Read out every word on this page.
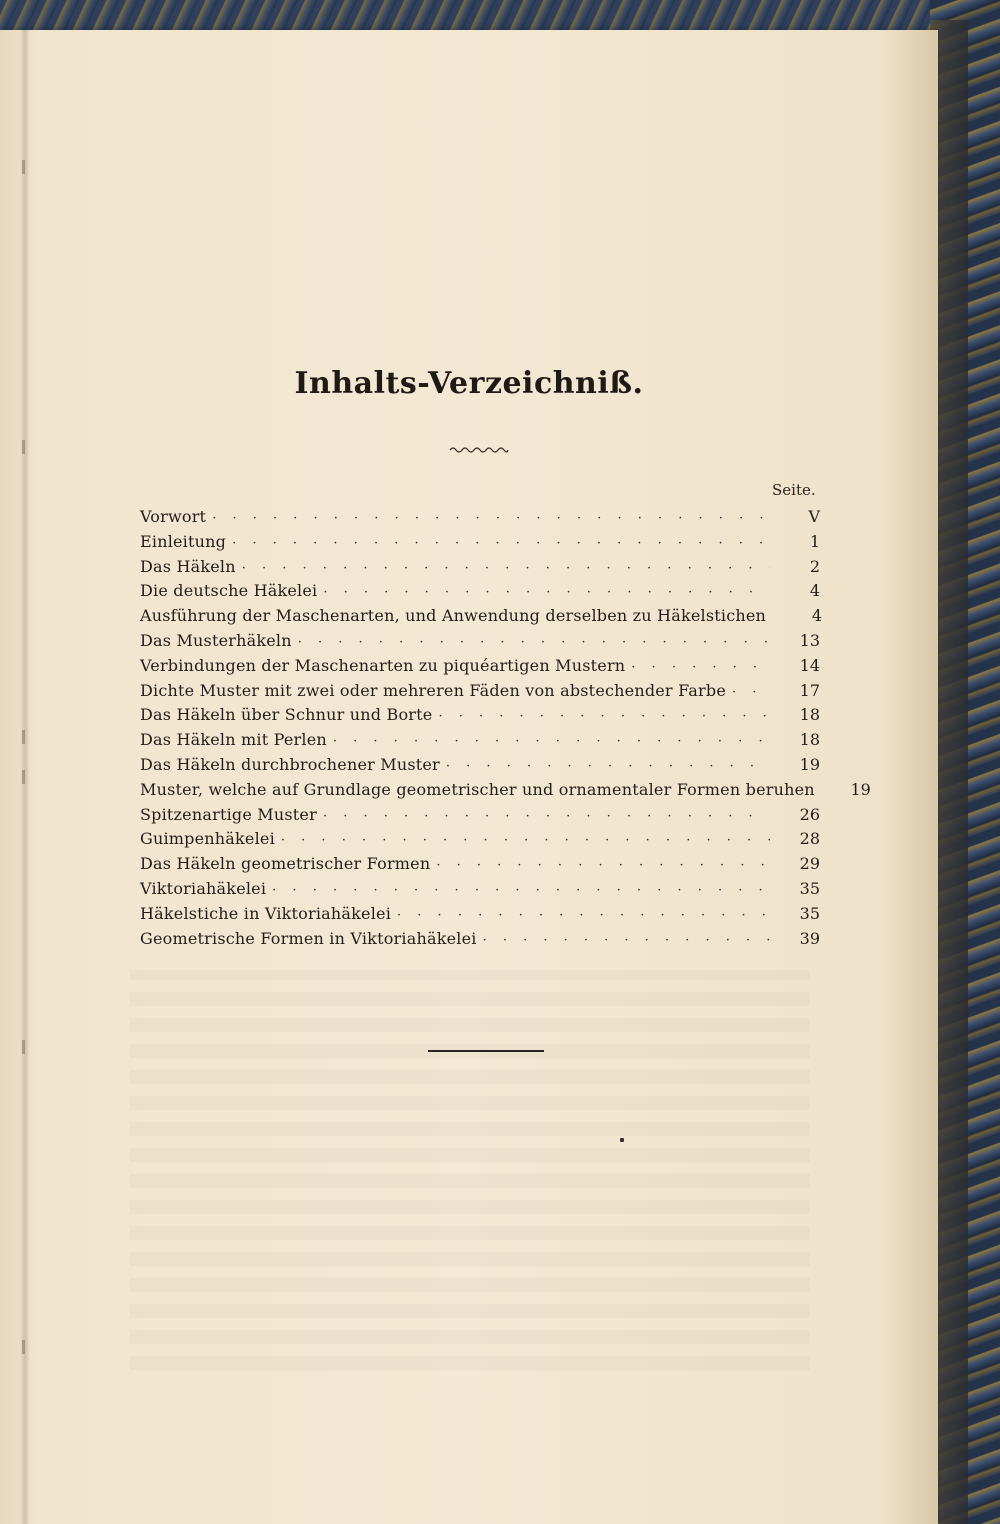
Inhalts-Verzeichniß.
Seite.
Vorwort · · ·	V
Einleitung · · ·	1
Das Häkeln · · ·	2
Die deutsche Häkelei · · ·	4
Ausführung der Maschenarten, und Anwendung derselben zu Häkelstichen	4
Das Musterhäkeln · · ·	13
Verbindungen der Maschenarten zu piquéartigen Mustern · · ·	14
Dichte Muster mit zwei oder mehreren Fäden von abstechender Farbe · · ·	17
Das Häkeln über Schnur und Borte · · ·	18
Das Häkeln mit Perlen · · ·	18
Das Häkeln durchbrochener Muster · · ·	19
Muster, welche auf Grundlage geometrischer und ornamentaler Formen beruhen	19
Spitzenartige Muster · · ·	26
Guimpenhäkelei · · ·	28
Das Häkeln geometrischer Formen · · ·	29
Viktoriahäkelei · · ·	35
Häkelstiche in Viktoriahäkelei · · ·	35
Geometrische Formen in Viktoriahäkelei · · ·	39
